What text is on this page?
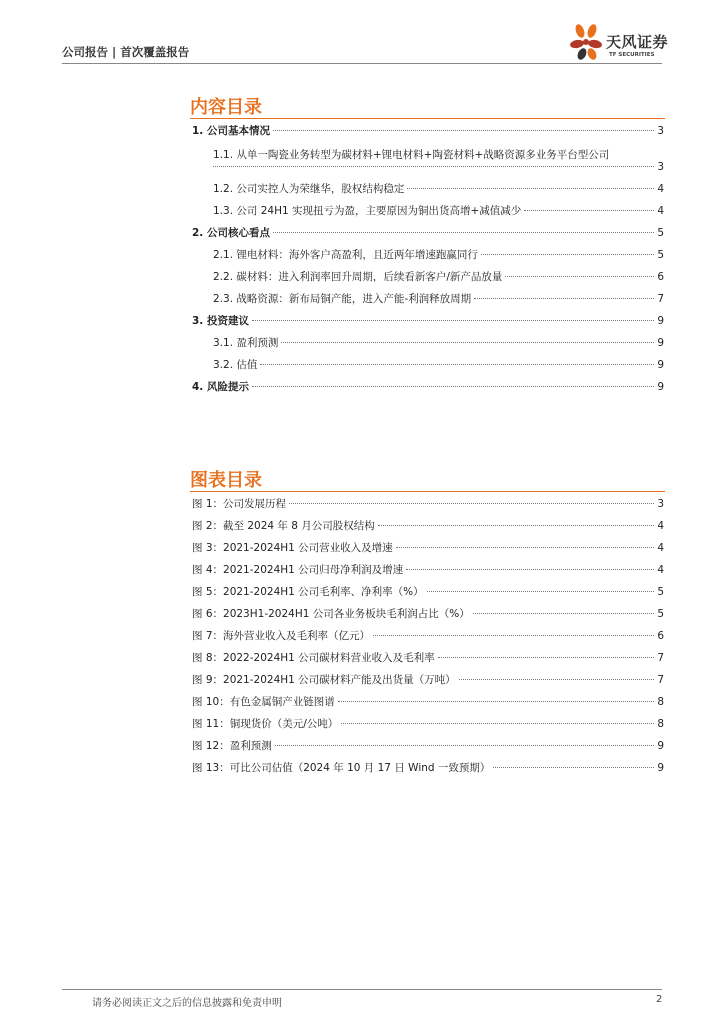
公司报告 | 首次覆盖报告
天风证券
TF SECURITIES
内容目录
1. 公司基本情况	3
1.1. 从单一陶瓷业务转型为碳材料+锂电材料+陶瓷材料+战略资源多业务平台型公司
3
1.2. 公司实控人为荣继华，股权结构稳定	4
1.3. 公司 24H1 实现扭亏为盈，主要原因为铜出货高增+减值减少	4
2. 公司核心看点	5
2.1. 锂电材料：海外客户高盈利，且近两年增速跑赢同行	5
2.2. 碳材料：进入利润率回升周期，后续看新客户/新产品放量	6
2.3. 战略资源：新布局铜产能，进入产能-利润释放周期	7
3. 投资建议	9
3.1. 盈利预测	9
3.2. 估值	9
4. 风险提示	9
图表目录
图 1：公司发展历程	3
图 2：截至 2024 年 8 月公司股权结构	4
图 3：2021-2024H1 公司营业收入及增速	4
图 4：2021-2024H1 公司归母净利润及增速	4
图 5：2021-2024H1 公司毛利率、净利率（%）	5
图 6：2023H1-2024H1 公司各业务板块毛利润占比（%）	5
图 7：海外营业收入及毛利率（亿元）	6
图 8：2022-2024H1 公司碳材料营业收入及毛利率	7
图 9：2021-2024H1 公司碳材料产能及出货量（万吨）	7
图 10：有色金属铜产业链图谱	8
图 11：铜现货价（美元/公吨）	8
图 12：盈利预测	9
图 13：可比公司估值（2024 年 10 月 17 日 Wind 一致预期）	9
请务必阅读正文之后的信息披露和免责申明	2
